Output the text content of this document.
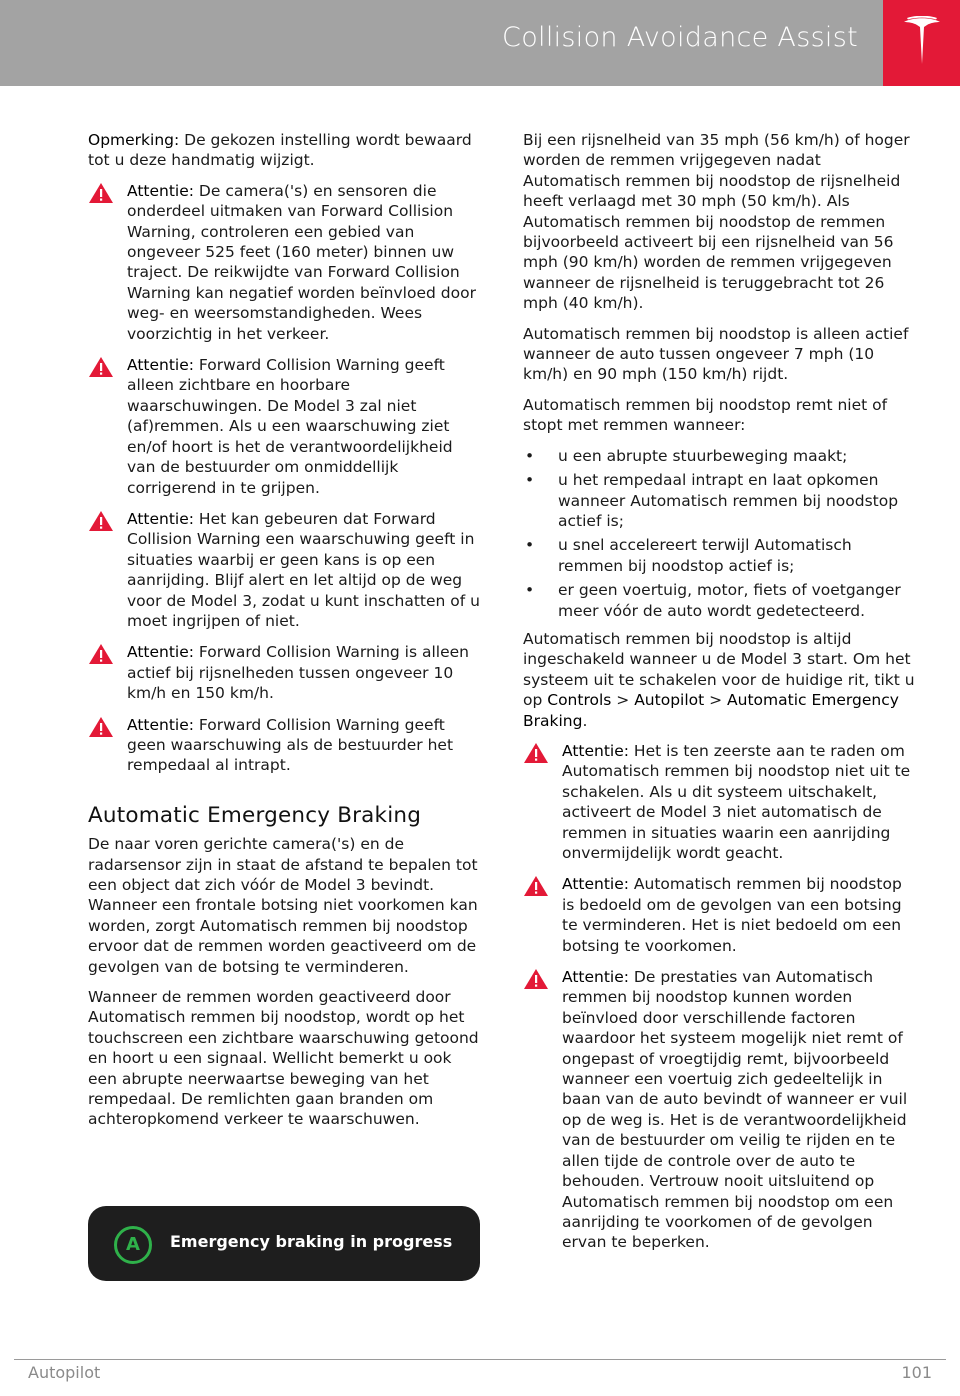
Collision Avoidance Assist

Opmerking: De gekozen instelling wordt bewaard tot u deze handmatig wijzigt.

Attentie: De camera('s) en sensoren die onderdeel uitmaken van Forward Collision Warning, controleren een gebied van ongeveer 525 feet (160 meter) binnen uw traject. De reikwijdte van Forward Collision Warning kan negatief worden beïnvloed door weg- en weersomstandigheden. Wees voorzichtig in het verkeer.
Attentie: Forward Collision Warning geeft alleen zichtbare en hoorbare waarschuwingen. De Model 3 zal niet (af)remmen. Als u een waarschuwing ziet en/of hoort is het de verantwoordelijkheid van de bestuurder om onmiddellijk corrigerend in te grijpen.
Attentie: Het kan gebeuren dat Forward Collision Warning een waarschuwing geeft in situaties waarbij er geen kans is op een aanrijding. Blijf alert en let altijd op de weg voor de Model 3, zodat u kunt inschatten of u moet ingrijpen of niet.
Attentie: Forward Collision Warning is alleen actief bij rijsnelheden tussen ongeveer 10 km/h en 150 km/h.
Attentie: Forward Collision Warning geeft geen waarschuwing als de bestuurder het rempedaal al intrapt.
Automatic Emergency Braking

De naar voren gerichte camera('s) en de radarsensor zijn in staat de afstand te bepalen tot een object dat zich vóór de Model 3 bevindt. Wanneer een frontale botsing niet voorkomen kan worden, zorgt Automatisch remmen bij noodstop ervoor dat de remmen worden geactiveerd om de gevolgen van de botsing te verminderen.

Wanneer de remmen worden geactiveerd door Automatisch remmen bij noodstop, wordt op het touchscreen een zichtbare waarschuwing getoond en hoort u een signaal. Wellicht bemerkt u ook een abrupte neerwaartse beweging van het rempedaal. De remlichten gaan branden om achteropkomend verkeer te waarschuwen.

A	Emergency braking in progress

Bij een rijsnelheid van 35 mph (56 km/h) of hoger worden de remmen vrijgegeven nadat Automatisch remmen bij noodstop de rijsnelheid heeft verlaagd met 30 mph (50 km/h). Als Automatisch remmen bij noodstop de remmen bijvoorbeeld activeert bij een rijsnelheid van 56 mph (90 km/h) worden de remmen vrijgegeven wanneer de rijsnelheid is teruggebracht tot 26 mph (40 km/h).

Automatisch remmen bij noodstop is alleen actief wanneer de auto tussen ongeveer 7 mph (10 km/h) en 90 mph (150 km/h) rijdt.

Automatisch remmen bij noodstop remt niet of stopt met remmen wanneer:

• u een abrupte stuurbeweging maakt;
• u het rempedaal intrapt en laat opkomen wanneer Automatisch remmen bij noodstop actief is;
• u snel accelereert terwijl Automatisch remmen bij noodstop actief is;
• er geen voertuig, motor, fiets of voetganger meer vóór de auto wordt gedetecteerd.

Automatisch remmen bij noodstop is altijd ingeschakeld wanneer u de Model 3 start. Om het systeem uit te schakelen voor de huidige rit, tikt u op Controls > Autopilot > Automatic Emergency Braking.

Attentie: Het is ten zeerste aan te raden om Automatisch remmen bij noodstop niet uit te schakelen. Als u dit systeem uitschakelt, activeert de Model 3 niet automatisch de remmen in situaties waarin een aanrijding onvermijdelijk wordt geacht.
Attentie: Automatisch remmen bij noodstop is bedoeld om de gevolgen van een botsing te verminderen. Het is niet bedoeld om een botsing te voorkomen.
Attentie: De prestaties van Automatisch remmen bij noodstop kunnen worden beïnvloed door verschillende factoren waardoor het systeem mogelijk niet remt of ongepast of vroegtijdig remt, bijvoorbeeld wanneer een voertuig zich gedeeltelijk in baan van de auto bevindt of wanneer er vuil op de weg is. Het is de verantwoordelijkheid van de bestuurder om veilig te rijden en te allen tijde de controle over de auto te behouden. Vertrouw nooit uitsluitend op Automatisch remmen bij noodstop om een aanrijding te voorkomen of de gevolgen ervan te beperken.
Autopilot	101
